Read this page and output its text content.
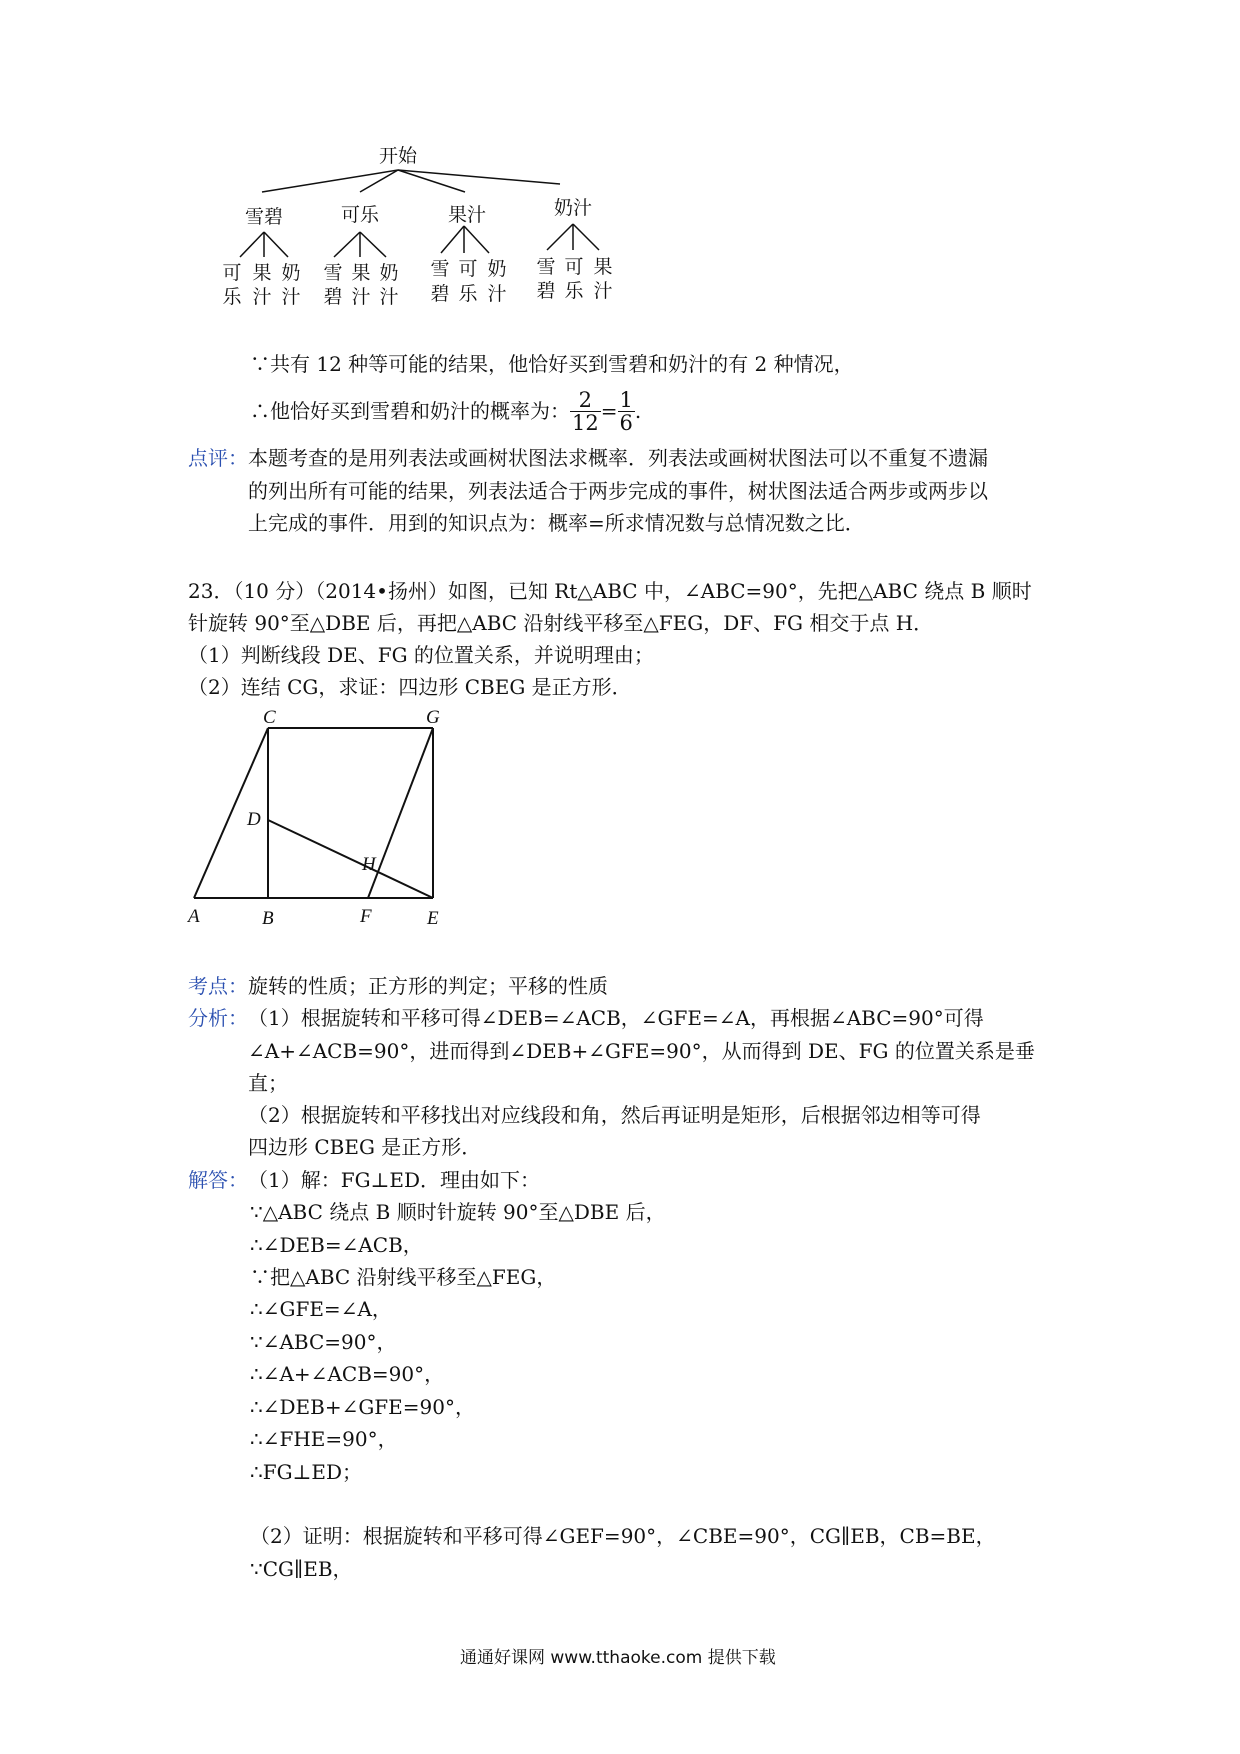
开始
雪碧	可乐	果汁	奶汁
可
乐
果
汁
奶
汁
雪
碧
果
汁
奶
汁
雪
碧
可
乐
奶
汁
雪
碧
可
乐
果
汁
∵共有 12 种等可能的结果，他恰好买到雪碧和奶汁的有 2 种情况，
∴他恰好买到雪碧和奶汁的概率为： $\frac{2}{12} = \frac{1}{6}$ .
点评： 本题考查的是用列表法或画树状图法求概率．列表法或画树状图法可以不重复不遗漏
的列出所有可能的结果，列表法适合于两步完成的事件，树状图法适合两步或两步以
上完成的事件．用到的知识点为：概率=所求情况数与总情况数之比．
23．（10 分）（2014•扬州）如图，已知 Rt△ABC 中，∠ABC=90°，先把△ABC 绕点 B 顺时
针旋转 90°至△DBE 后，再把△ABC 沿射线平移至△FEG，DF、FG 相交于点 H．
（1）判断线段 DE、FG 的位置关系，并说明理由；
（2）连结 CG，求证：四边形 CBEG 是正方形．
C	G
D
H
A	B	F	E
考点： 旋转的性质；正方形的判定；平移的性质
分析： （1）根据旋转和平移可得∠DEB=∠ACB，∠GFE=∠A，再根据∠ABC=90°可得
∠A+∠ACB=90°，进而得到∠DEB+∠GFE=90°，从而得到 DE、FG 的位置关系是垂
直；
（2）根据旋转和平移找出对应线段和角，然后再证明是矩形，后根据邻边相等可得
四边形 CBEG 是正方形．
解答： （1）解：FG⊥ED．理由如下：
∵△ABC 绕点 B 顺时针旋转 90°至△DBE 后，
∴∠DEB=∠ACB，
∵把△ABC 沿射线平移至△FEG，
∴∠GFE=∠A，
∵∠ABC=90°，
∴∠A+∠ACB=90°，
∴∠DEB+∠GFE=90°，
∴∠FHE=90°，
∴FG⊥ED；
（2）证明：根据旋转和平移可得∠GEF=90°，∠CBE=90°，CG∥EB，CB=BE，
∵CG∥EB，
通通好课网 www.tthaoke.com 提供下载
